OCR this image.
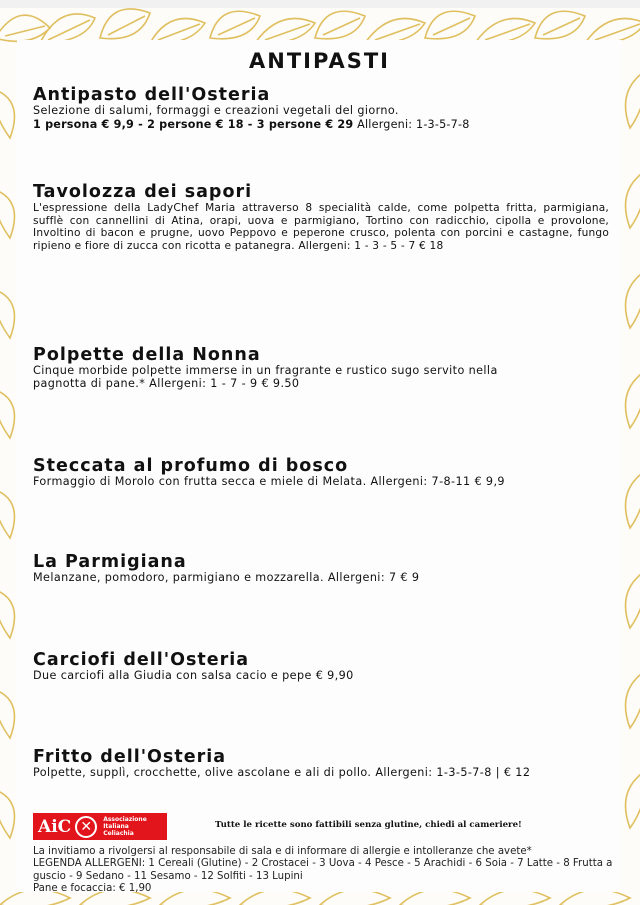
ANTIPASTI
Antipasto dell'Osteria
Selezione di salumi, formaggi e creazioni vegetali del giorno.
1 persona € 9,9 - 2 persone € 18 - 3 persone € 29 Allergeni: 1-3-5-7-8
Tavolozza dei sapori
L'espressione della LadyChef Maria attraverso 8 specialità calde, come polpetta fritta, parmigiana, sufflè con cannellini di Atina, orapi, uova e parmigiano, Tortino con radicchio, cipolla e provolone, Involtino di bacon e prugne, uovo Peppovo e peperone crusco, polenta con porcini e castagne, fungo ripieno e fiore di zucca con ricotta e patanegra. Allergeni: 1 - 3 - 5 - 7 € 18
Polpette della Nonna
Cinque morbide polpette immerse in un fragrante e rustico sugo servito nella pagnotta di pane.* Allergeni: 1 - 7 - 9 € 9.50
Steccata al profumo di bosco
Formaggio di Morolo con frutta secca e miele di Melata. Allergeni: 7-8-11 € 9,9
La Parmigiana
Melanzane, pomodoro, parmigiano e mozzarella. Allergeni: 7 € 9
Carciofi dell'Osteria
Due carciofi alla Giudia con salsa cacio e pepe € 9,90
Fritto dell'Osteria
Polpette, supplì, crocchette, olive ascolane e ali di pollo. Allergeni: 1-3-5-7-8 | € 12
AiC ✕	Associazione
Italiana
Celiachia
Tutte le ricette sono fattibili senza glutine, chiedi al cameriere!
La invitiamo a rivolgersi al responsabile di sala e di informare di allergie e intolleranze che avete*
LEGENDA ALLERGENI: 1 Cereali (Glutine) - 2 Crostacei - 3 Uova - 4 Pesce - 5 Arachidi - 6 Soia - 7 Latte - 8 Frutta a guscio - 9 Sedano - 11 Sesamo - 12 Solfiti - 13 Lupini
Pane e focaccia: € 1,90
